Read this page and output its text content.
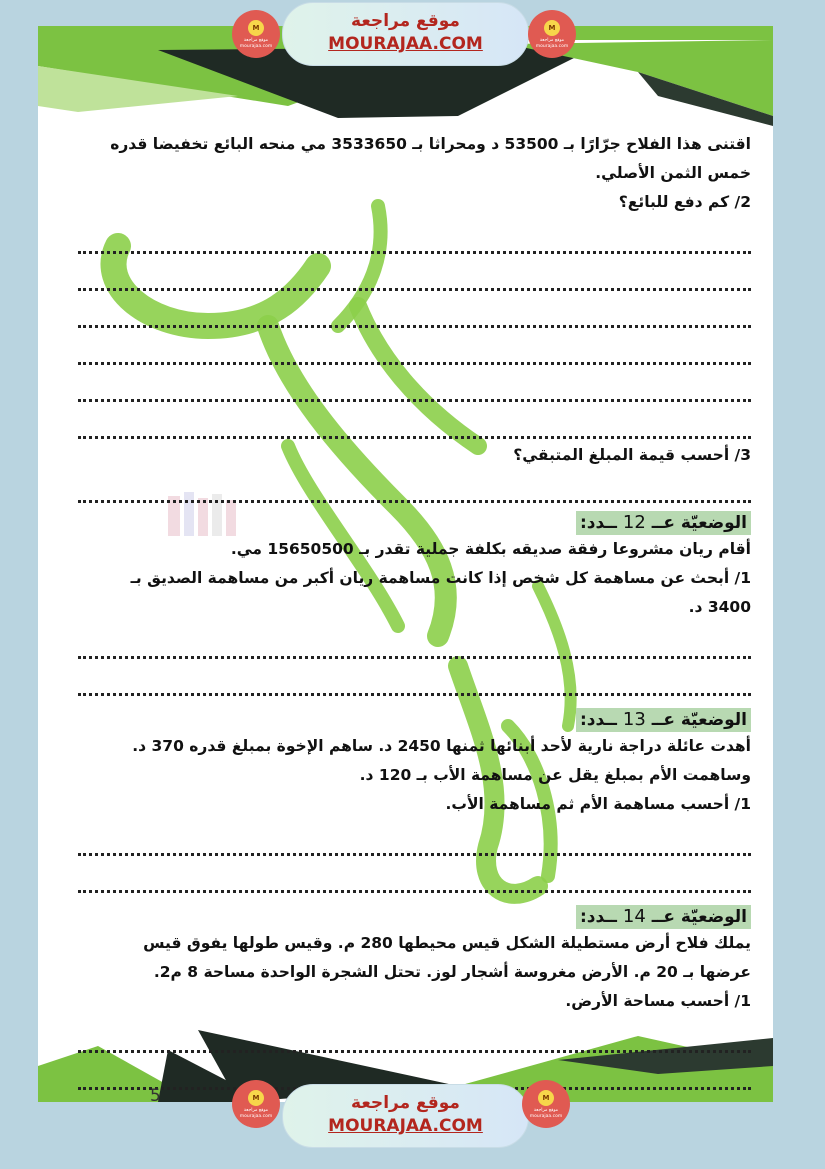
اقتنى هذا الفلاح جرّارًا بـ 53500 د ومحراثا بـ 3533650 مي منحه البائع تخفيضا قدره
خمس الثمن الأصلي.
2/ كم دفع للبائع؟
3/ أحسب قيمة المبلغ المتبقي؟
الوضعيّة عــ 12 ــدد:
أقام ريان مشروعا رفقة صديقه بكلفة جملية تقدر بـ 15650500 مي.
1/ أبحث عن مساهمة كل شخص إذا كانت مساهمة ريان أكبر من مساهمة الصديق بـ
3400 د.
الوضعيّة عــ 13 ــدد:
أهدت عائلة دراجة نارية لأحد أبنائها ثمنها 2450 د. ساهم الإخوة بمبلغ قدره 370 د.
وساهمت الأم بمبلغ يقل عن مساهمة الأب بـ 120 د.
1/ أحسب مساهمة الأم ثم مساهمة الأب.
الوضعيّة عــ 14 ــدد:
يملك فلاح أرض مستطيلة الشكل قيس محيطها 280 م. وقيس طولها يفوق قيس
عرضها بـ 20 م. الأرض مغروسة أشجار لوز. تحتل الشجرة الواحدة مساحة 8 م2.
1/ أحسب مساحة الأرض.
5
موقع مراجعة
MOURAJAA.COM
M
موقع مراجعة
mourajaa.com
M
موقع مراجعة
mourajaa.com
موقع مراجعة
MOURAJAA.COM
M
موقع مراجعة
mourajaa.com
M
موقع مراجعة
mourajaa.com
